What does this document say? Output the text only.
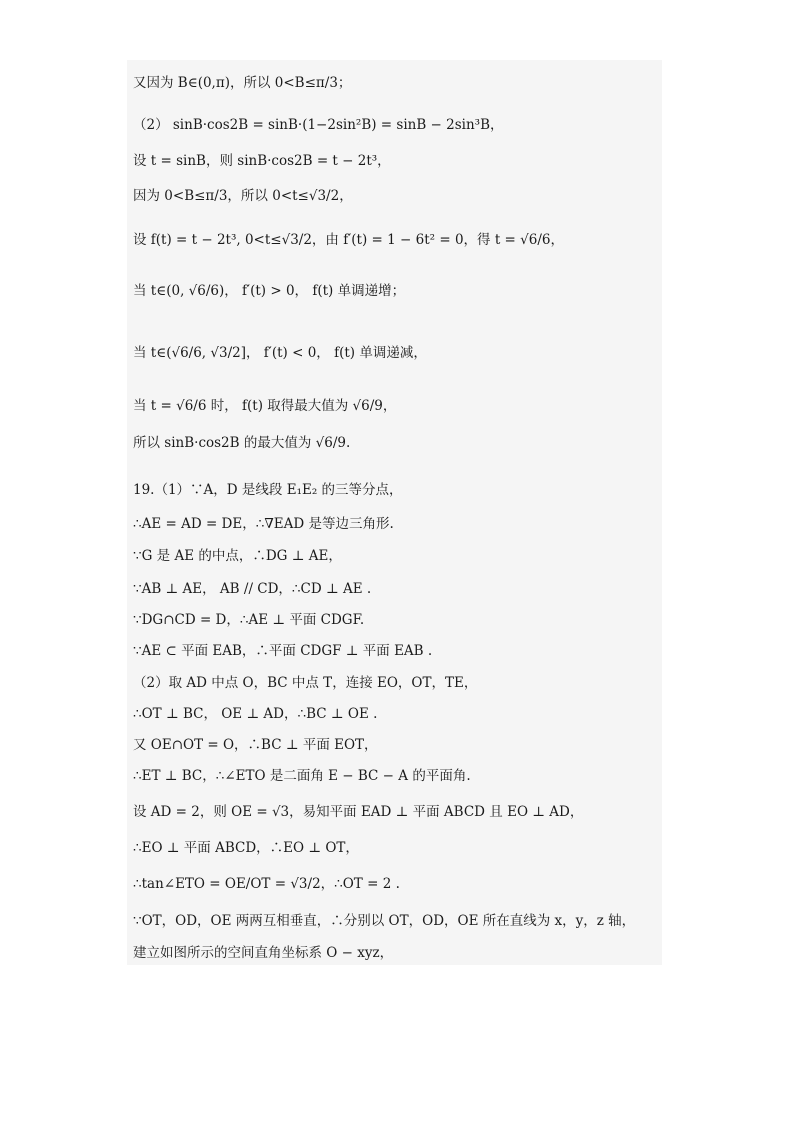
又因为 B∈(0,π)，所以 0<B≤π/3；
（2） sinB·cos2B = sinB·(1−2sin²B) = sinB − 2sin³B，
设 t = sinB，则 sinB·cos2B = t − 2t³，
因为 0<B≤π/3，所以 0<t≤√3/2，
设 f(t) = t − 2t³, 0<t≤√3/2，由 f′(t) = 1 − 6t² = 0，得 t = √6/6，
当 t∈(0, √6/6)， f′(t) > 0， f(t) 单调递增；
当 t∈(√6/6, √3/2]， f′(t) < 0， f(t) 单调递减，
当 t = √6/6 时， f(t) 取得最大值为 √6/9，
所以 sinB·cos2B 的最大值为 √6/9.
19.（1）∵A，D 是线段 E₁E₂ 的三等分点，
∴AE = AD = DE，∴∇EAD 是等边三角形.
∵G 是 AE 的中点，∴DG ⊥ AE，
∵AB ⊥ AE， AB // CD，∴CD ⊥ AE .
∵DG∩CD = D，∴AE ⊥ 平面 CDGF.
∵AE ⊂ 平面 EAB，∴平面 CDGF ⊥ 平面 EAB .
（2）取 AD 中点 O，BC 中点 T，连接 EO，OT，TE，
∴OT ⊥ BC， OE ⊥ AD，∴BC ⊥ OE .
又 OE∩OT = O，∴BC ⊥ 平面 EOT，
∴ET ⊥ BC，∴∠ETO 是二面角 E − BC − A 的平面角.
设 AD = 2，则 OE = √3，易知平面 EAD ⊥ 平面 ABCD 且 EO ⊥ AD，
∴EO ⊥ 平面 ABCD，∴EO ⊥ OT，
∴tan∠ETO = OE/OT = √3/2，∴OT = 2 .
∵OT，OD，OE 两两互相垂直，∴分别以 OT，OD，OE 所在直线为 x，y，z 轴，
建立如图所示的空间直角坐标系 O − xyz，
